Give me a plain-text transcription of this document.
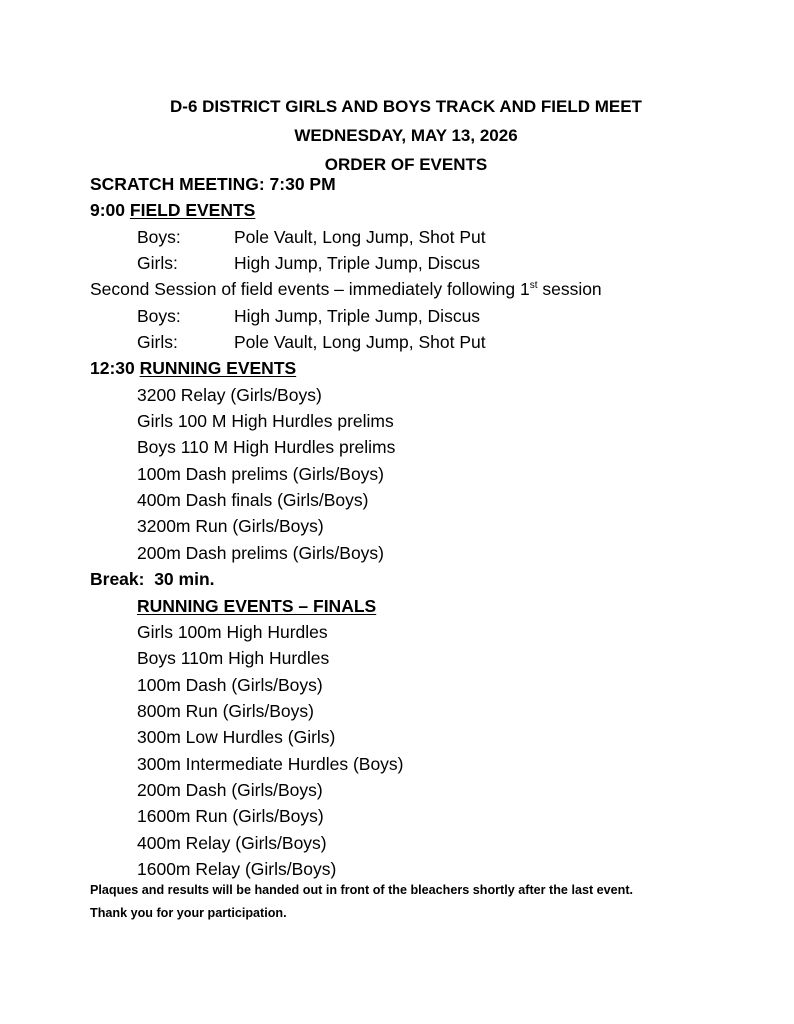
D-6 DISTRICT GIRLS AND BOYS TRACK AND FIELD MEET
WEDNESDAY, MAY 13, 2026
ORDER OF EVENTS
SCRATCH MEETING: 7:30 PM
9:00 FIELD EVENTS
Boys:	Pole Vault, Long Jump, Shot Put
Girls:	High Jump, Triple Jump, Discus
Second Session of field events – immediately following 1st session
Boys:	High Jump, Triple Jump, Discus
Girls:	Pole Vault, Long Jump, Shot Put
12:30 RUNNING EVENTS
3200 Relay (Girls/Boys)
Girls 100 M High Hurdles prelims
Boys 110 M High Hurdles prelims
100m Dash prelims (Girls/Boys)
400m Dash finals (Girls/Boys)
3200m Run (Girls/Boys)
200m Dash prelims (Girls/Boys)
Break:  30 min.
RUNNING EVENTS – FINALS
Girls 100m High Hurdles
Boys 110m High Hurdles
100m Dash (Girls/Boys)
800m Run (Girls/Boys)
300m Low Hurdles (Girls)
300m Intermediate Hurdles (Boys)
200m Dash (Girls/Boys)
1600m Run (Girls/Boys)
400m Relay (Girls/Boys)
1600m Relay (Girls/Boys)
Plaques and results will be handed out in front of the bleachers shortly after the last event.
Thank you for your participation.
